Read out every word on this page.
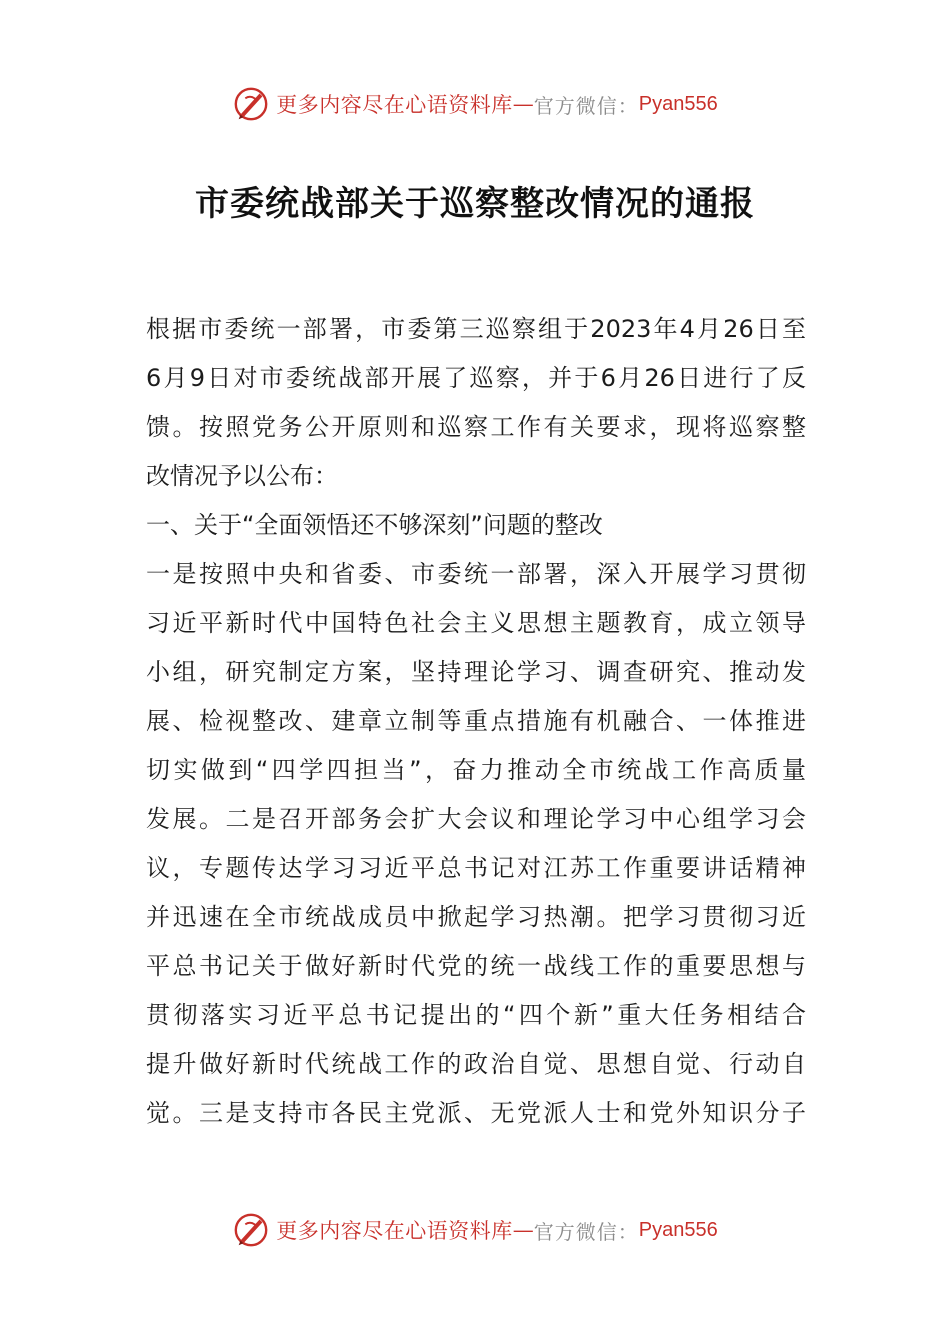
更多内容尽在心语资料库 — 官方微信： Pyan556
市委统战部关于巡察整改情况的通报
根据市委统一部署，市委第三巡察组于2023年4月26日至
6月9日对市委统战部开展了巡察，并于6月26日进行了反
馈。按照党务公开原则和巡察工作有关要求，现将巡察整
改情况予以公布：
一、关于“全面领悟还不够深刻”问题的整改
一是按照中央和省委、市委统一部署，深入开展学习贯彻
习近平新时代中国特色社会主义思想主题教育，成立领导
小组，研究制定方案，坚持理论学习、调查研究、推动发
展、检视整改、建章立制等重点措施有机融合、一体推进
切实做到“四学四担当”，奋力推动全市统战工作高质量
发展。二是召开部务会扩大会议和理论学习中心组学习会
议，专题传达学习习近平总书记对江苏工作重要讲话精神
并迅速在全市统战成员中掀起学习热潮。把学习贯彻习近
平总书记关于做好新时代党的统一战线工作的重要思想与
贯彻落实习近平总书记提出的“四个新”重大任务相结合
提升做好新时代统战工作的政治自觉、思想自觉、行动自
觉。三是支持市各民主党派、无党派人士和党外知识分子
更多内容尽在心语资料库 — 官方微信： Pyan556
